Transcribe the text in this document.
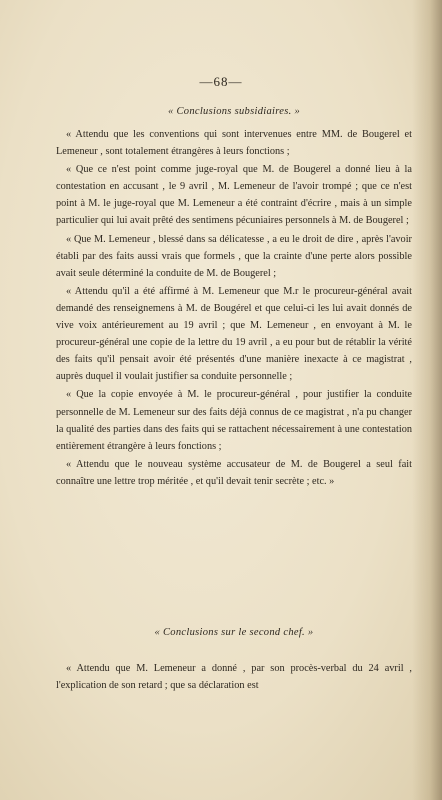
—68—
« Conclusions subsidiaires. »

« Attendu que les conventions qui sont intervenues entre MM. de Bougerel et Lemeneur , sont totalement étrangères à leurs fonctions ;

« Que ce n'est point comme juge-royal que M. de Bougerel a donné lieu à la contestation en accusant , le 9 avril , M. Lemeneur de l'avoir trompé ; que ce n'est point à M. le juge-royal que M. Lemeneur a été contraint d'écrire , mais à un simple particulier qui lui avait prêté des sentimens pécuniaires personnels à M. de Bougerel ;

« Que M. Lemeneur , blessé dans sa délicatesse , a eu le droit de dire , après l'avoir établi par des faits aussi vrais que formels , que la crainte d'une perte alors possible avait seule déterminé la conduite de M. de Bougerel ;

« Attendu qu'il a été affirmé à M. Lemeneur que M.r le procureur-général avait demandé des renseignemens à M. de Bougérel et que celui-ci les lui avait donnés de vive voix antérieurement au 19 avril ; que M. Lemeneur , en envoyant à M. le procureur-général une copie de la lettre du 19 avril , a eu pour but de rétablir la vérité des faits qu'il pensait avoir été présentés d'une manière inexacte à ce magistrat , auprès duquel il voulait justifier sa conduite personnelle ;

« Que la copie envoyée à M. le procureur-général , pour justifier la conduite personnelle de M. Lemeneur sur des faits déjà connus de ce magistrat , n'a pu changer la qualité des parties dans des faits qui se rattachent nécessairement à une contestation entièrement étrangère à leurs fonctions ;

« Attendu que le nouveau système accusateur de M. de Bougerel a seul fait connaître une lettre trop méritée , et qu'il devait tenir secrète ; etc. »

« Conclusions sur le second chef. »

« Attendu que M. Lemeneur a donné , par son procès-verbal du 24 avril , l'explication de son retard ; que sa déclaration est
